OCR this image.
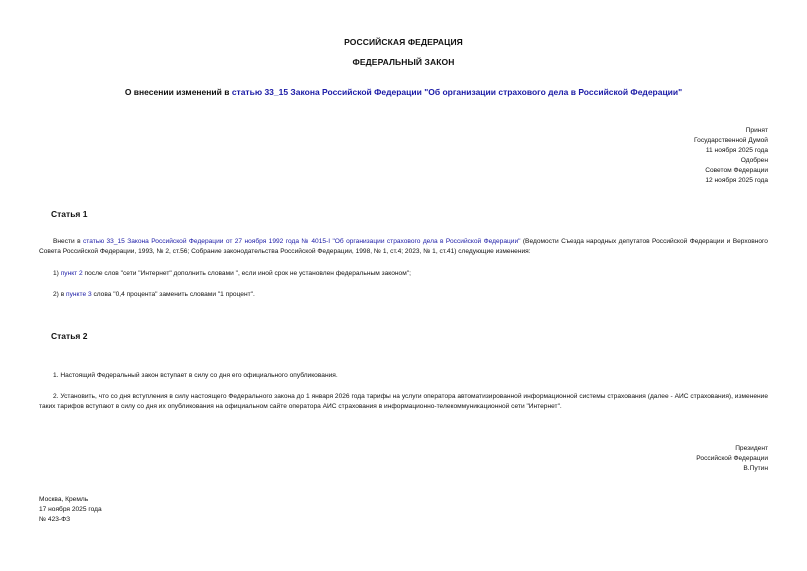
РОССИЙСКАЯ ФЕДЕРАЦИЯ
ФЕДЕРАЛЬНЫЙ ЗАКОН
О внесении изменений в статью 33_15 Закона Российской Федерации "Об организации страхового дела в Российской Федерации"
Принят
Государственной Думой
11 ноября 2025 года
Одобрен
Советом Федерации
12 ноября 2025 года
Статья 1
Внести в статью 33_15 Закона Российской Федерации от 27 ноября 1992 года № 4015-I "Об организации страхового дела в Российской Федерации" (Ведомости Съезда народных депутатов Российской Федерации и Верховного Совета Российской Федерации, 1993, № 2, ст.56; Собрание законодательства Российской Федерации, 1998, № 1, ст.4; 2023, № 1, ст.41) следующие изменения:
1) пункт 2 после слов "сети "Интернет" дополнить словами ", если иной срок не установлен федеральным законом";
2) в пункте 3 слова "0,4 процента" заменить словами "1 процент".
Статья 2
1. Настоящий Федеральный закон вступает в силу со дня его официального опубликования.
2. Установить, что со дня вступления в силу настоящего Федерального закона до 1 января 2026 года тарифы на услуги оператора автоматизированной информационной системы страхования (далее - АИС страхования), изменение таких тарифов вступают в силу со дня их опубликования на официальном сайте оператора АИС страхования в информационно-телекоммуникационной сети "Интернет".
Президент
Российской Федерации
В.Путин
Москва, Кремль
17 ноября 2025 года
№ 423-ФЗ
